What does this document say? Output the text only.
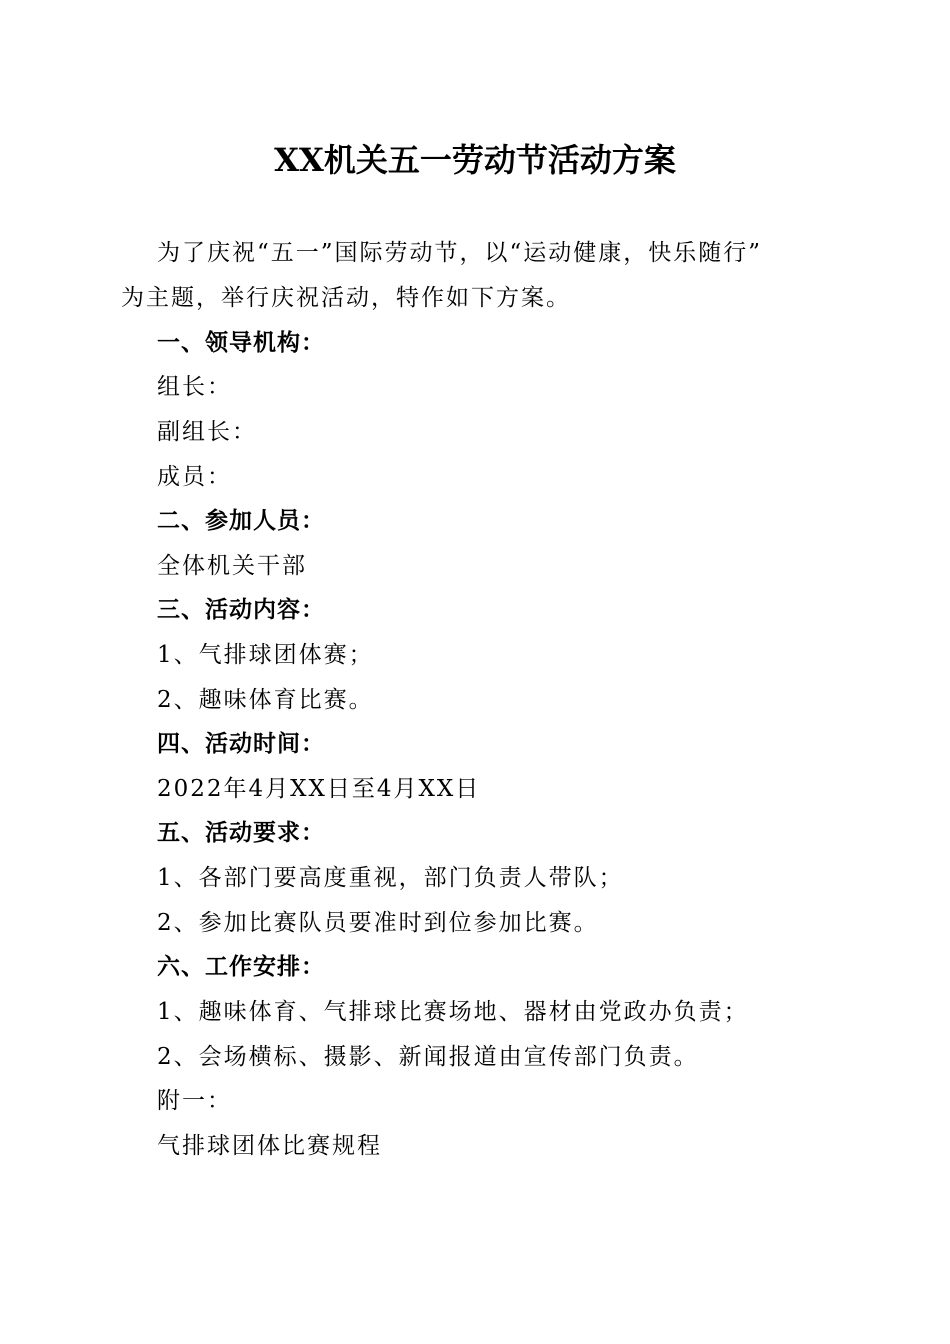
XX机关五一劳动节活动方案
为了庆祝“五一”国际劳动节，以“运动健康，快乐随行”
为主题，举行庆祝活动，特作如下方案。
一、领导机构：
组长：
副组长：
成员：
二、参加人员：
全体机关干部
三、活动内容：
1、气排球团体赛；
2、趣味体育比赛。
四、活动时间：
2022年4月XX日至4月XX日
五、活动要求：
1、各部门要高度重视，部门负责人带队；
2、参加比赛队员要准时到位参加比赛。
六、工作安排：
1、趣味体育、气排球比赛场地、器材由党政办负责；
2、会场横标、摄影、新闻报道由宣传部门负责。
附一：
气排球团体比赛规程
